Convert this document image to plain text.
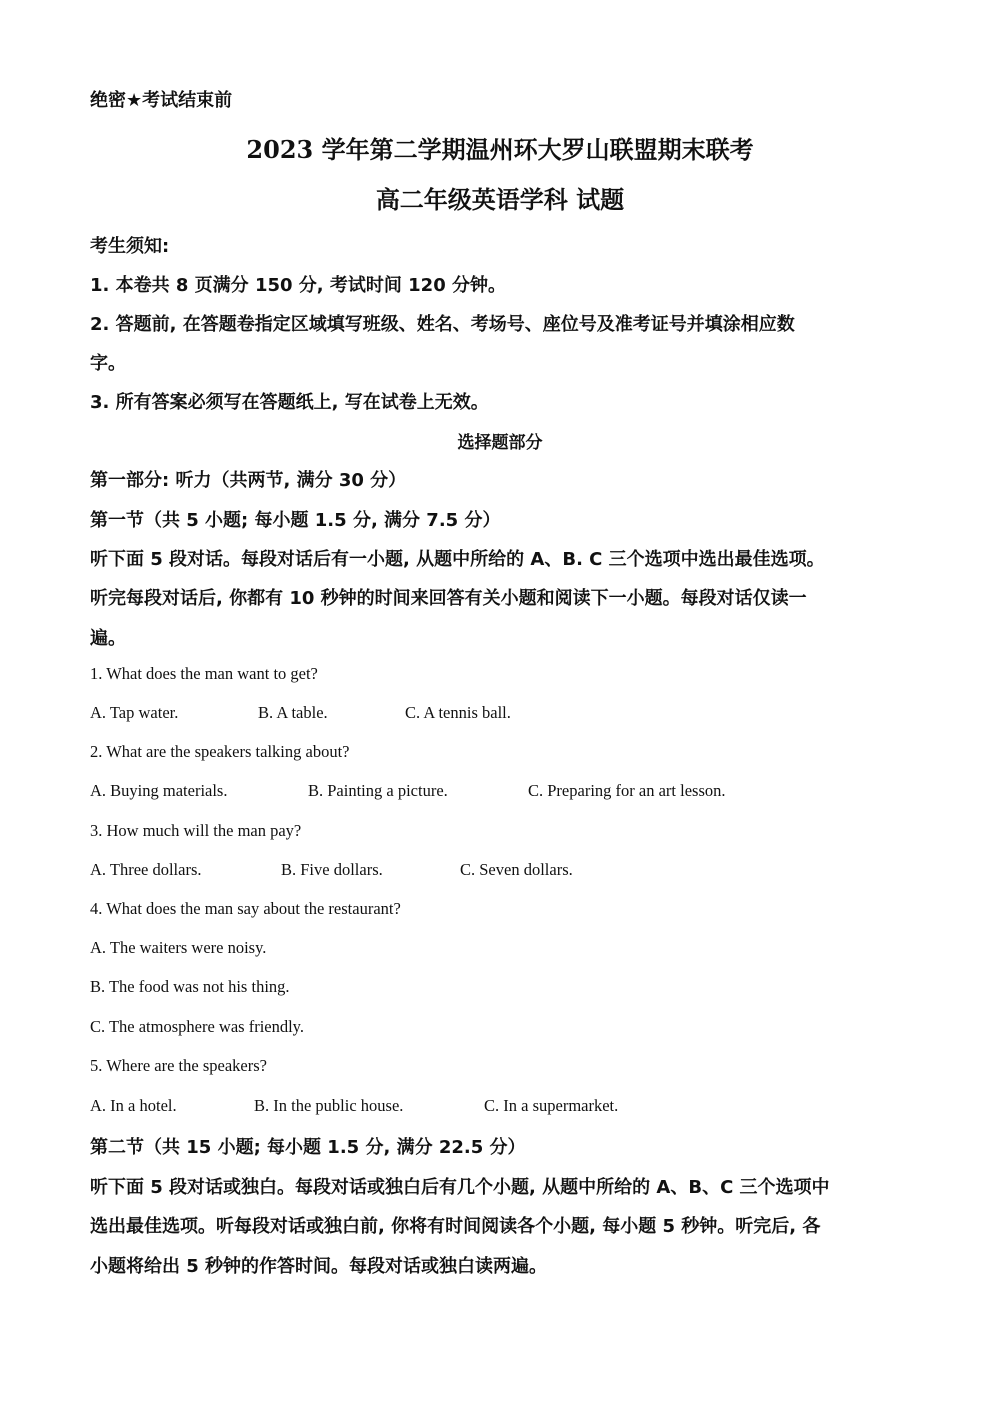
绝密★考试结束前
2023 学年第二学期温州环大罗山联盟期末联考
高二年级英语学科 试题
考生须知:
1. 本卷共 8 页满分 150 分, 考试时间 120 分钟。
2. 答题前, 在答题卷指定区域填写班级、姓名、考场号、座位号及准考证号并填涂相应数
字。
3. 所有答案必须写在答题纸上, 写在试卷上无效。
选择题部分
第一部分: 听力（共两节, 满分 30 分）
第一节（共 5 小题; 每小题 1.5 分, 满分 7.5 分）
听下面 5 段对话。每段对话后有一小题, 从题中所给的 A、B. C 三个选项中选出最佳选项。
听完每段对话后, 你都有 10 秒钟的时间来回答有关小题和阅读下一小题。每段对话仅读一
遍。
1. What does the man want to get?
A. Tap water.	B. A table.	C. A tennis ball.
2. What are the speakers talking about?
A. Buying materials.	B. Painting a picture.	C. Preparing for an art lesson.
3. How much will the man pay?
A. Three dollars.	B. Five dollars.	C. Seven dollars.
4. What does the man say about the restaurant?
A. The waiters were noisy.
B. The food was not his thing.
C. The atmosphere was friendly.
5. Where are the speakers?
A. In a hotel.	B. In the public house.	C. In a supermarket.
第二节（共 15 小题; 每小题 1.5 分, 满分 22.5 分）
听下面 5 段对话或独白。每段对话或独白后有几个小题, 从题中所给的 A、B、C 三个选项中
选出最佳选项。听每段对话或独白前, 你将有时间阅读各个小题, 每小题 5 秒钟。听完后, 各
小题将给出 5 秒钟的作答时间。每段对话或独白读两遍。
